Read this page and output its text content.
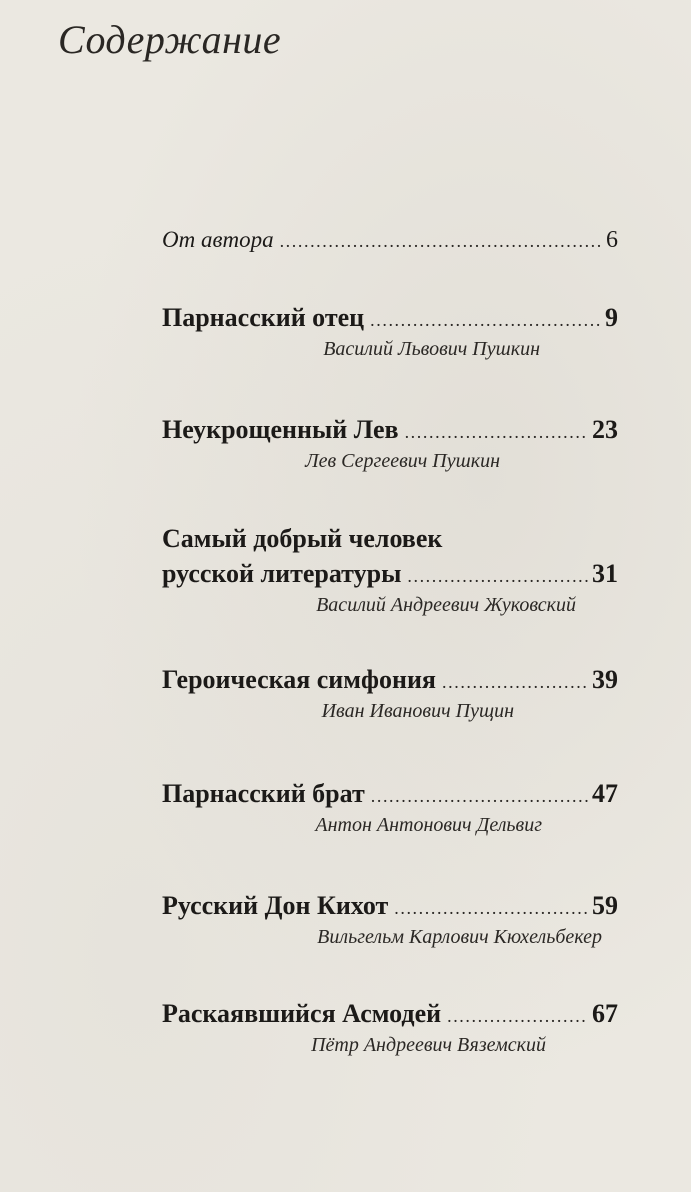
Содержание
От автора .....	6
Парнасский отец .....	9
Василий Львович Пушкин
Неукрощенный Лев .....	23
Лев Сергеевич Пушкин
Самый добрый человек
русской литературы .....	31
Василий Андреевич Жуковский
Героическая симфония .....	39
Иван Иванович Пущин
Парнасский брат .....	47
Антон Антонович Дельвиг
Русский Дон Кихот .....	59
Вильгельм Карлович Кюхельбекер
Раскаявшийся Асмодей .....	67
Пётр Андреевич Вяземский
